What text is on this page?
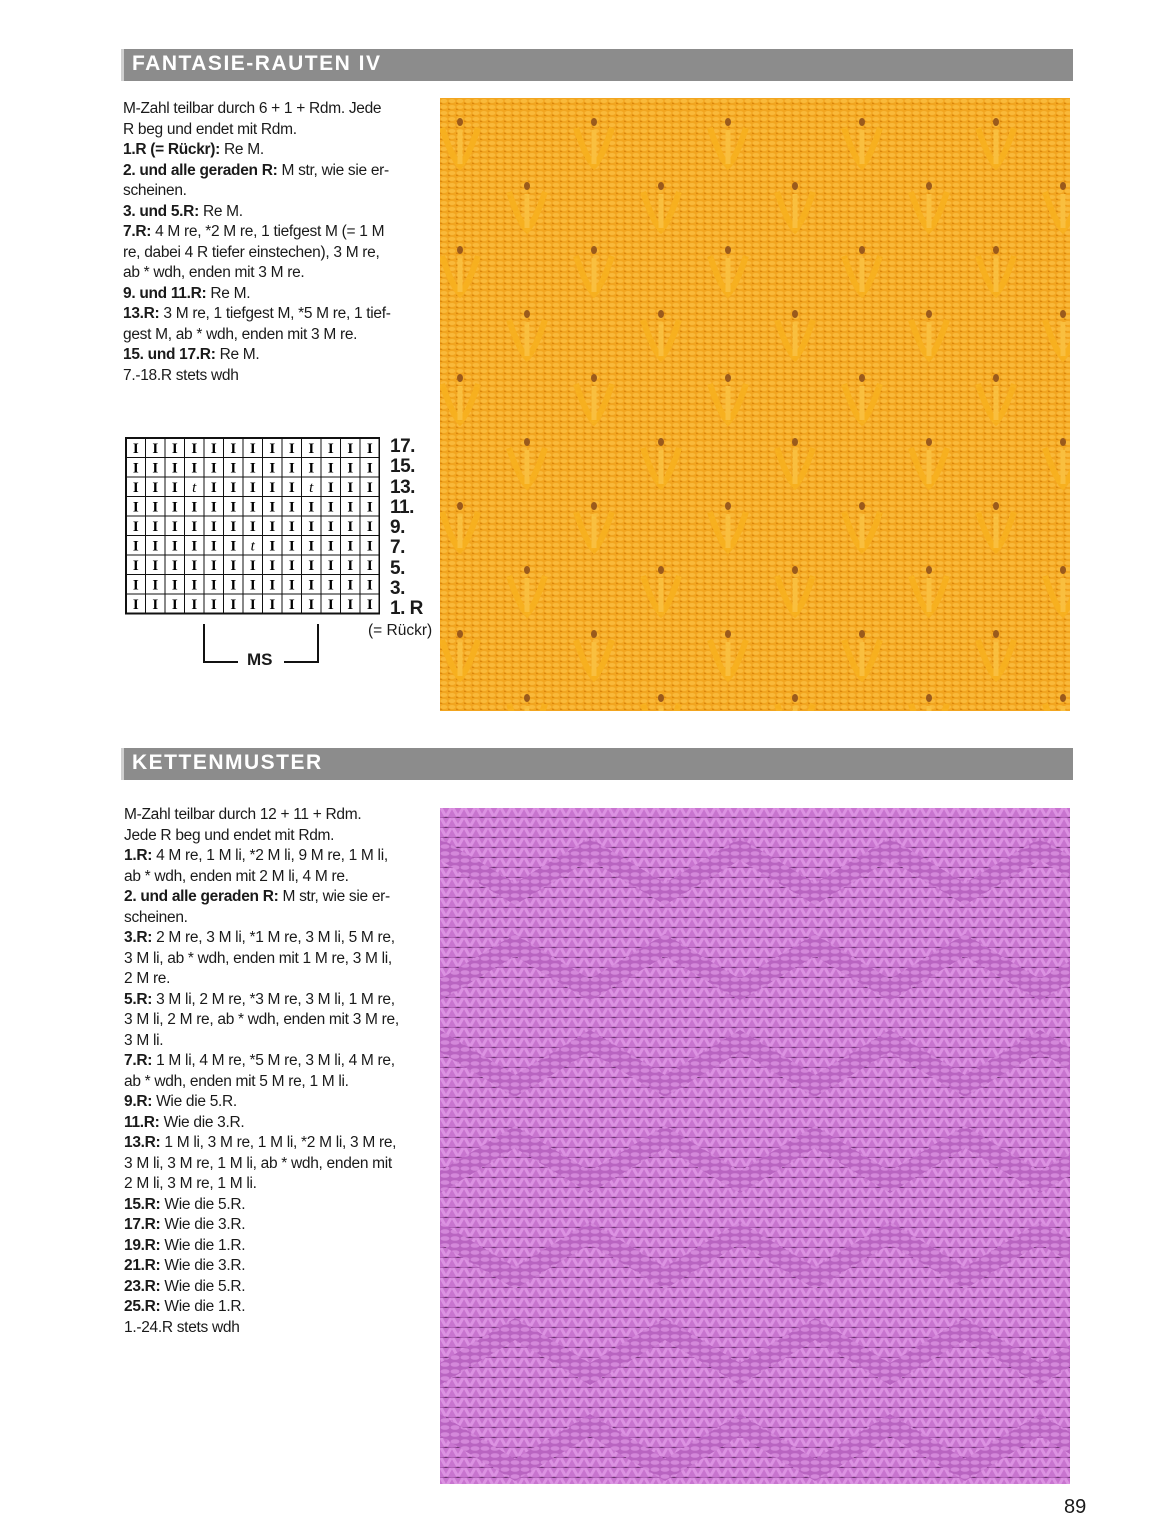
FANTASIE-RAUTEN IV

M-Zahl teilbar durch 6 + 1 + Rdm. Jede

R beg und endet mit Rdm.

1.R (= Rückr): Re M.

2. und alle geraden R: M str, wie sie er-

scheinen.

3. und 5.R: Re M.

7.R: 4 M re, *2 M re, 1 tiefgest M (= 1 M

re, dabei 4 R tiefer einstechen), 3 M re,

ab * wdh, enden mit 3 M re.

9. und 11.R: Re M.

13.R: 3 M re, 1 tiefgest M, *5 M re, 1 tief-

gest M, ab * wdh, enden mit 3 M re.

15. und 17.R: Re M.

7.-18.R stets wdh

I I I I I I I I I I I I I
I I I I I I I I I I I I I
I I I t I I I I I t I I I
I I I I I I I I I I I I I
I I I I I I I I I I I I I
I I I I I I t I I I I I I
I I I I I I I I I I I I I
I I I I I I I I I I I I I
I I I I I I I I I I I I I
17.
15.
13.
11.
9.
7.
5.
3.
1. R
(= Rückr)
MS
KETTENMUSTER

M-Zahl teilbar durch 12 + 11 + Rdm.

Jede R beg und endet mit Rdm.

1.R: 4 M re, 1 M li, *2 M li, 9 M re, 1 M li,

ab * wdh, enden mit 2 M li, 4 M re.

2. und alle geraden R: M str, wie sie er-

scheinen.

3.R: 2 M re, 3 M li, *1 M re, 3 M li, 5 M re,

3 M li, ab * wdh, enden mit 1 M re, 3 M li,

2 M re.

5.R: 3 M li, 2 M re, *3 M re, 3 M li, 1 M re,

3 M li, 2 M re, ab * wdh, enden mit 3 M re,

3 M li.

7.R: 1 M li, 4 M re, *5 M re, 3 M li, 4 M re,

ab * wdh, enden mit 5 M re, 1 M li.

9.R: Wie die 5.R.

11.R: Wie die 3.R.

13.R: 1 M li, 3 M re, 1 M li, *2 M li, 3 M re,

3 M li, 3 M re, 1 M li, ab * wdh, enden mit

2 M li, 3 M re, 1 M li.

15.R: Wie die 5.R.

17.R: Wie die 3.R.

19.R: Wie die 1.R.

21.R: Wie die 3.R.

23.R: Wie die 5.R.

25.R: Wie die 1.R.

1.-24.R stets wdh

89
